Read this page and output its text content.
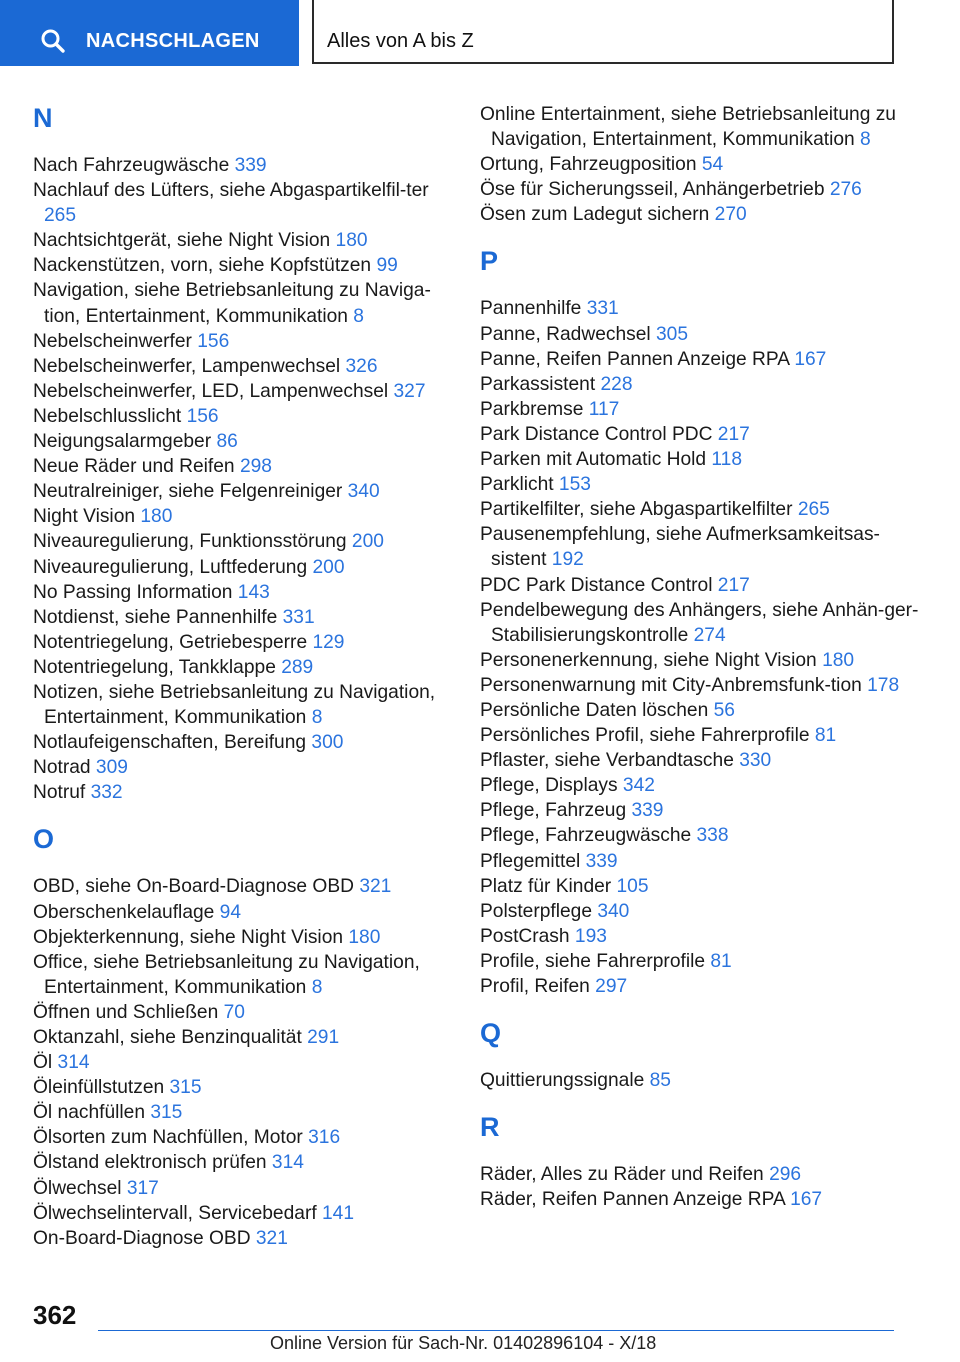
NACHSCHLAGEN	Alles von A bis Z
N
Nach Fahrzeugwäsche 339
Nachlauf des Lüfters, siehe Abgaspartikelfil-ter 265
Nachtsichtgerät, siehe Night Vision 180
Nackenstützen, vorn, siehe Kopfstützen 99
Navigation, siehe Betriebsanleitung zu Naviga-tion, Entertainment, Kommunikation 8
Nebelscheinwerfer 156
Nebelscheinwerfer, Lampenwechsel 326
Nebelscheinwerfer, LED, Lampenwechsel 327
Nebelschlusslicht 156
Neigungsalarmgeber 86
Neue Räder und Reifen 298
Neutralreiniger, siehe Felgenreiniger 340
Night Vision 180
Niveauregulierung, Funktionsstörung 200
Niveauregulierung, Luftfederung 200
No Passing Information 143
Notdienst, siehe Pannenhilfe 331
Notentriegelung, Getriebesperre 129
Notentriegelung, Tankklappe 289
Notizen, siehe Betriebsanleitung zu Navigation, Entertainment, Kommunikation 8
Notlaufeigenschaften, Bereifung 300
Notrad 309
Notruf 332
O
OBD, siehe On-Board-Diagnose OBD 321
Oberschenkelauflage 94
Objekterkennung, siehe Night Vision 180
Office, siehe Betriebsanleitung zu Navigation, Entertainment, Kommunikation 8
Öffnen und Schließen 70
Oktanzahl, siehe Benzinqualität 291
Öl 314
Öleinfüllstutzen 315
Öl nachfüllen 315
Ölsorten zum Nachfüllen, Motor 316
Ölstand elektronisch prüfen 314
Ölwechsel 317
Ölwechselintervall, Servicebedarf 141
On-Board-Diagnose OBD 321
Online Entertainment, siehe Betriebsanleitung zu Navigation, Entertainment, Kommunikation 8
Ortung, Fahrzeugposition 54
Öse für Sicherungsseil, Anhängerbetrieb 276
Ösen zum Ladegut sichern 270
P
Pannenhilfe 331
Panne, Radwechsel 305
Panne, Reifen Pannen Anzeige RPA 167
Parkassistent 228
Parkbremse 117
Park Distance Control PDC 217
Parken mit Automatic Hold 118
Parklicht 153
Partikelfilter, siehe Abgaspartikelfilter 265
Pausenempfehlung, siehe Aufmerksamkeitsas-sistent 192
PDC Park Distance Control 217
Pendelbewegung des Anhängers, siehe Anhän-ger-Stabilisierungskontrolle 274
Personenerkennung, siehe Night Vision 180
Personenwarnung mit City-Anbremsfunk-tion 178
Persönliche Daten löschen 56
Persönliches Profil, siehe Fahrerprofile 81
Pflaster, siehe Verbandtasche 330
Pflege, Displays 342
Pflege, Fahrzeug 339
Pflege, Fahrzeugwäsche 338
Pflegemittel 339
Platz für Kinder 105
Polsterpflege 340
PostCrash 193
Profile, siehe Fahrerprofile 81
Profil, Reifen 297
Q
Quittierungssignale 85
R
Räder, Alles zu Räder und Reifen 296
Räder, Reifen Pannen Anzeige RPA 167
362
Online Version für Sach-Nr. 01402896104 - X/18
